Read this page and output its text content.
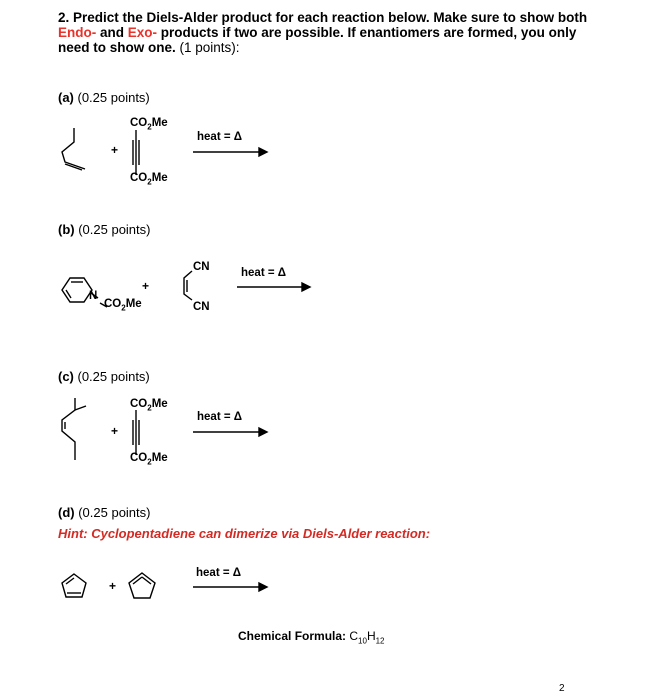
2. Predict the Diels-Alder product for each reaction below. Make sure to show both Endo- and Exo- products if two are possible. If enantiomers are formed, you only need to show one. (1 points):
(a) (0.25 points)
+
$CO_2Me$
$CO_2Me$
heat = Δ
(b) (0.25 points)
N
$CO_2Me$
+
CN
CN
heat = Δ
(c) (0.25 points)
+
$CO_2Me$
$CO_2Me$
heat = Δ
(d) (0.25 points)
Hint: Cyclopentadiene can dimerize via Diels-Alder reaction:
+
heat = Δ
Chemical Formula: $C_{10}H_{12}$
2
